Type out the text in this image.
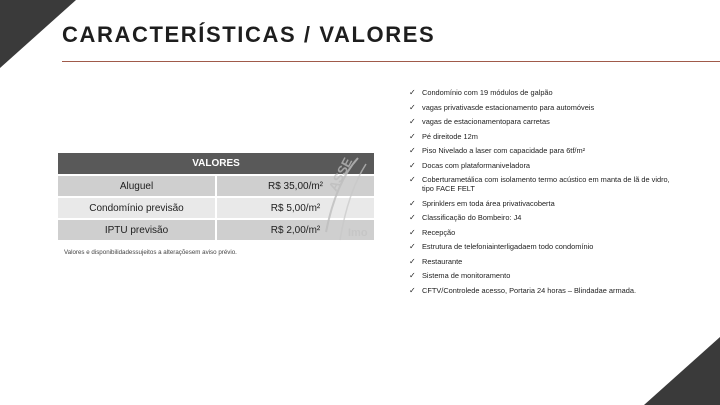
CARACTERÍSTICAS / VALORES
VALORES	
Aluguel	R$ 35,00/m²
Condomínio previsão	R$ 5,00/m²
IPTU previsão	R$ 2,00/m²
ASSE
Imo
Valores e disponibilidadessujeitos a alteraçõesem aviso prévio.
✓ Condomínio com 19 módulos de galpão
✓ vagas privativasde estacionamento para automóveis
✓ vagas de estacionamentopara carretas
✓ Pé direitode 12m
✓ Piso Nivelado a laser com capacidade para 6tf/m²
✓ Docas com plataformaniveladora
✓ Coberturametálica com isolamento termo acústico em manta de lã de vidro, tipo FACE FELT
✓ Sprinklers em toda área privativacoberta
✓ Classificação do Bombeiro: J4
✓ Recepção
✓ Estrutura de telefoniainterligadaem todo condomínio
✓ Restaurante
✓ Sistema de monitoramento
✓ CFTV/Controlede acesso, Portaria 24 horas – Blindadae armada.
